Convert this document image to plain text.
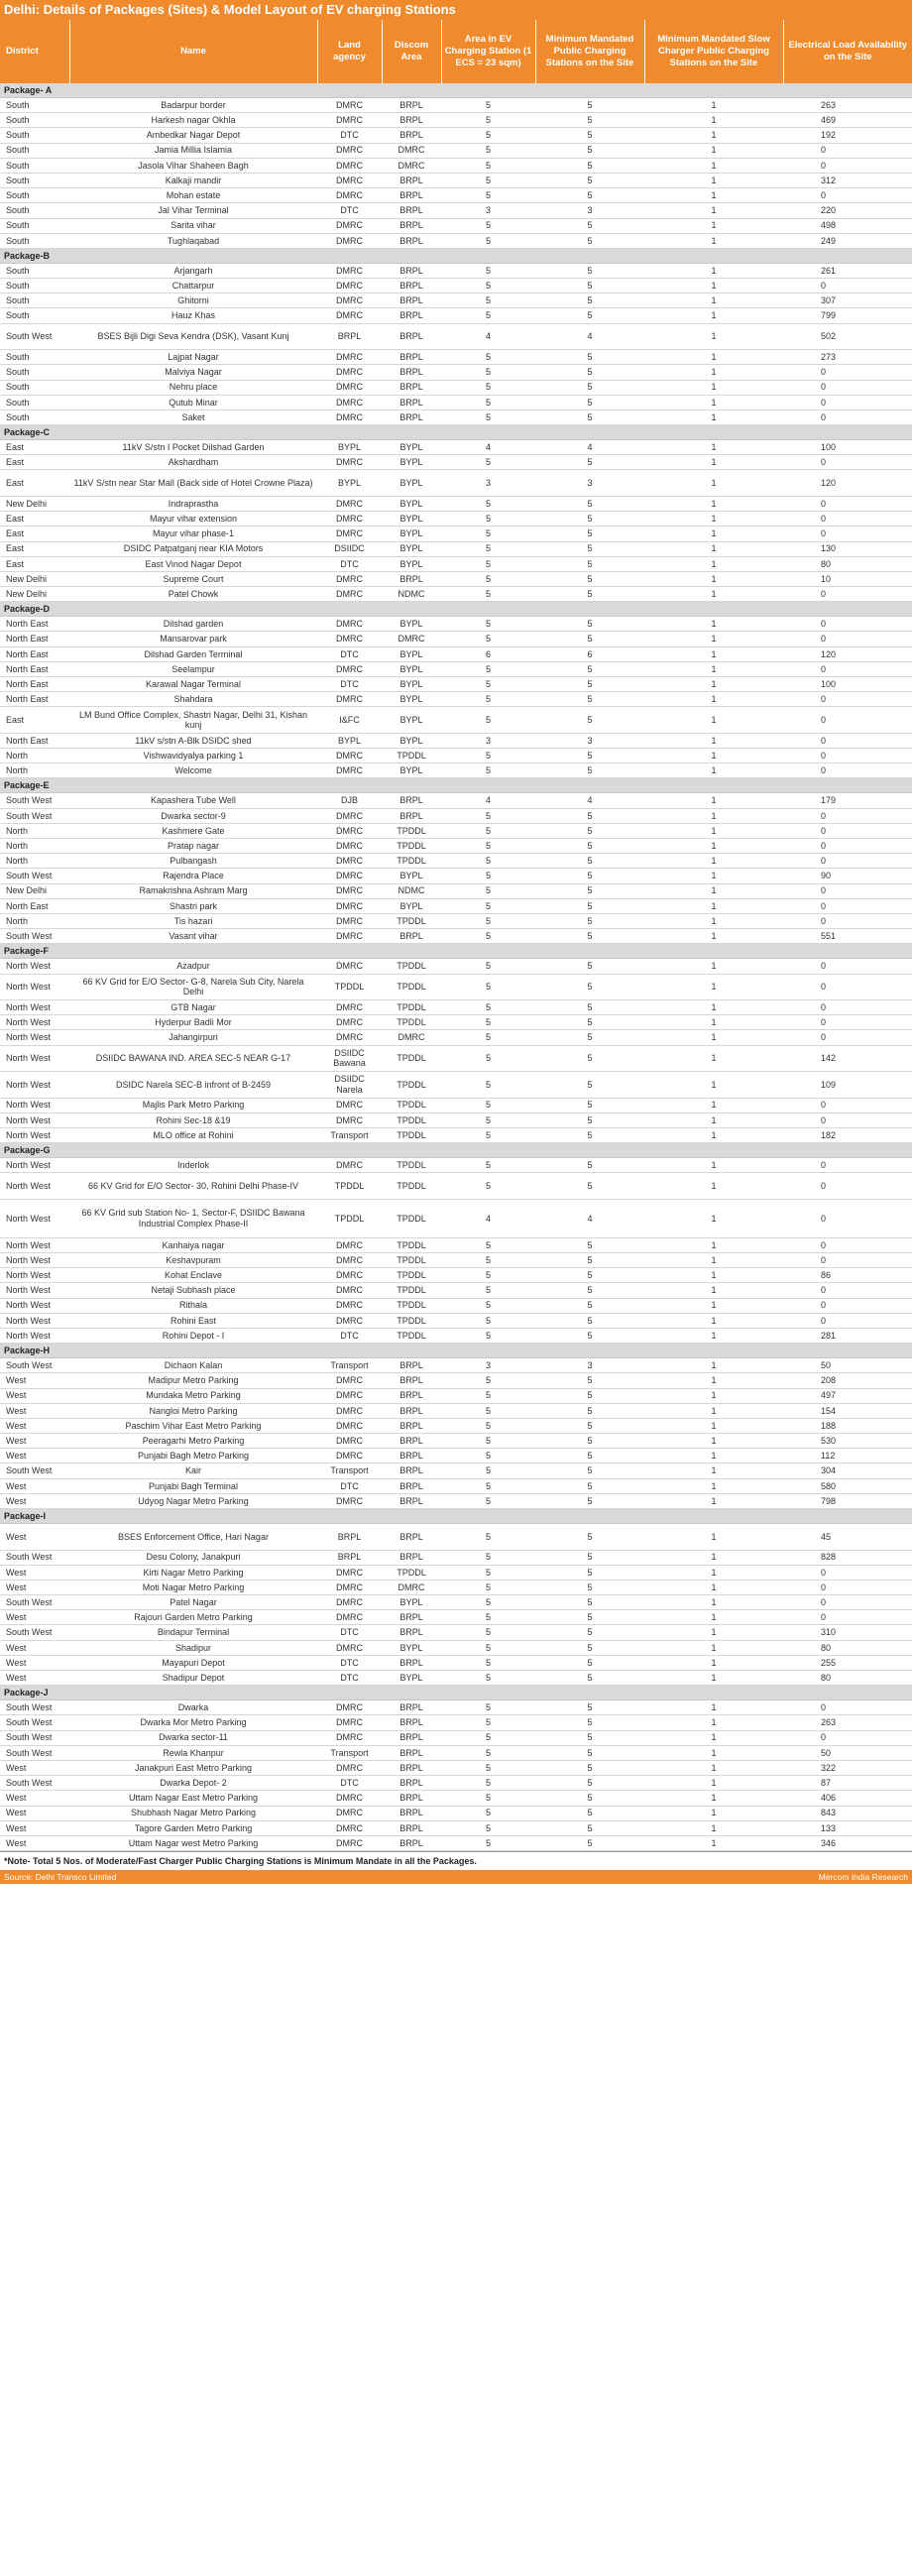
Delhi: Details of Packages (Sites) & Model Layout of EV charging Stations
District	Name	Land agency	Discom Area	Area in EV Charging Station (1 ECS = 23 sqm)	Minimum Mandated Public Charging Stations on the Site	Minimum Mandated Slow Charger Public Charging Stations on the Site	Electrical Load Availability on the Site
Package- A							
South	Badarpur border	DMRC	BRPL	5	5	1	263
South	Harkesh nagar Okhla	DMRC	BRPL	5	5	1	469
South	Ambedkar Nagar Depot	DTC	BRPL	5	5	1	192
South	Jamia Millia Islamia	DMRC	DMRC	5	5	1	0
South	Jasola Vihar Shaheen Bagh	DMRC	DMRC	5	5	1	0
South	Kalkaji mandir	DMRC	BRPL	5	5	1	312
South	Mohan estate	DMRC	BRPL	5	5	1	0
South	Jal Vihar Terminal	DTC	BRPL	3	3	1	220
South	Sarita vihar	DMRC	BRPL	5	5	1	498
South	Tughlaqabad	DMRC	BRPL	5	5	1	249
Package-B							
South	Arjangarh	DMRC	BRPL	5	5	1	261
South	Chattarpur	DMRC	BRPL	5	5	1	0
South	Ghitorni	DMRC	BRPL	5	5	1	307
South	Hauz Khas	DMRC	BRPL	5	5	1	799
South West	BSES Bijli Digi Seva Kendra (DSK), Vasant Kunj	BRPL	BRPL	4	4	1	502
South	Lajpat Nagar	DMRC	BRPL	5	5	1	273
South	Malviya Nagar	DMRC	BRPL	5	5	1	0
South	Nehru place	DMRC	BRPL	5	5	1	0
South	Qutub Minar	DMRC	BRPL	5	5	1	0
South	Saket	DMRC	BRPL	5	5	1	0
Package-C							
East	11kV S/stn I Pocket Dilshad Garden	BYPL	BYPL	4	4	1	100
East	Akshardham	DMRC	BYPL	5	5	1	0
East	11kV S/stn near Star Mall (Back side of Hotel Crowne Plaza)	BYPL	BYPL	3	3	1	120
New Delhi	Indraprastha	DMRC	BYPL	5	5	1	0
East	Mayur vihar extension	DMRC	BYPL	5	5	1	0
East	Mayur vihar phase-1	DMRC	BYPL	5	5	1	0
East	DSIDC Patpatganj near KIA Motors	DSIIDC	BYPL	5	5	1	130
East	East Vinod Nagar Depot	DTC	BYPL	5	5	1	80
New Delhi	Supreme Court	DMRC	BRPL	5	5	1	10
New Delhi	Patel Chowk	DMRC	NDMC	5	5	1	0
Package-D							
North East	Dilshad garden	DMRC	BYPL	5	5	1	0
North East	Mansarovar park	DMRC	DMRC	5	5	1	0
North East	Dilshad Garden Terminal	DTC	BYPL	6	6	1	120
North East	Seelampur	DMRC	BYPL	5	5	1	0
North East	Karawal Nagar Terminal	DTC	BYPL	5	5	1	100
North East	Shahdara	DMRC	BYPL	5	5	1	0
East	LM Bund Office Complex, Shastri Nagar, Delhi 31, Kishan kunj	I&FC	BYPL	5	5	1	0
North East	11kV s/stn A-Blk DSIDC shed	BYPL	BYPL	3	3	1	0
North	Vishwavidyalya parking 1	DMRC	TPDDL	5	5	1	0
North	Welcome	DMRC	BYPL	5	5	1	0
Package-E							
South West	Kapashera Tube Well	DJB	BRPL	4	4	1	179
South West	Dwarka sector-9	DMRC	BRPL	5	5	1	0
North	Kashmere Gate	DMRC	TPDDL	5	5	1	0
North	Pratap nagar	DMRC	TPDDL	5	5	1	0
North	Pulbangash	DMRC	TPDDL	5	5	1	0
South West	Rajendra Place	DMRC	BYPL	5	5	1	90
New Delhi	Ramakrishna Ashram Marg	DMRC	NDMC	5	5	1	0
North East	Shastri park	DMRC	BYPL	5	5	1	0
North	Tis hazari	DMRC	TPDDL	5	5	1	0
South West	Vasant vihar	DMRC	BRPL	5	5	1	551
Package-F							
North West	Azadpur	DMRC	TPDDL	5	5	1	0
North West	66 KV Grid for E/O Sector- G-8, Narela Sub City, Narela Delhi	TPDDL	TPDDL	5	5	1	0
North West	GTB Nagar	DMRC	TPDDL	5	5	1	0
North West	Hyderpur Badli Mor	DMRC	TPDDL	5	5	1	0
North West	Jahangirpuri	DMRC	DMRC	5	5	1	0
North West	DSIIDC BAWANA IND. AREA SEC-5 NEAR G-17	DSIIDC Bawana	TPDDL	5	5	1	142
North West	DSIDC Narela SEC-B infront of B-2459	DSIIDC Narela	TPDDL	5	5	1	109
North West	Majlis Park Metro Parking	DMRC	TPDDL	5	5	1	0
North West	Rohini Sec-18 &19	DMRC	TPDDL	5	5	1	0
North West	MLO office at Rohini	Transport	TPDDL	5	5	1	182
Package-G							
North West	Inderlok	DMRC	TPDDL	5	5	1	0
North West	66 KV Grid for E/O Sector- 30, Rohini Delhi Phase-IV	TPDDL	TPDDL	5	5	1	0
North West	66 KV Grid sub Station No- 1, Sector-F, DSIIDC Bawana Industrial Complex Phase-II	TPDDL	TPDDL	4	4	1	0
North West	Kanhaiya nagar	DMRC	TPDDL	5	5	1	0
North West	Keshavpuram	DMRC	TPDDL	5	5	1	0
North West	Kohat Enclave	DMRC	TPDDL	5	5	1	86
North West	Netaji Subhash place	DMRC	TPDDL	5	5	1	0
North West	Rithala	DMRC	TPDDL	5	5	1	0
North West	Rohini East	DMRC	TPDDL	5	5	1	0
North West	Rohini Depot - I	DTC	TPDDL	5	5	1	281
Package-H							
South West	Dichaon Kalan	Transport	BRPL	3	3	1	50
West	Madipur Metro Parking	DMRC	BRPL	5	5	1	208
West	Mundaka Metro Parking	DMRC	BRPL	5	5	1	497
West	Nangloi Metro Parking	DMRC	BRPL	5	5	1	154
West	Paschim Vihar East Metro Parking	DMRC	BRPL	5	5	1	188
West	Peeragarhi Metro Parking	DMRC	BRPL	5	5	1	530
West	Punjabi Bagh Metro Parking	DMRC	BRPL	5	5	1	112
South West	Kair	Transport	BRPL	5	5	1	304
West	Punjabi Bagh Terminal	DTC	BRPL	5	5	1	580
West	Udyog Nagar Metro Parking	DMRC	BRPL	5	5	1	798
Package-I							
West	BSES Enforcement Office, Hari Nagar	BRPL	BRPL	5	5	1	45
South West	Desu Colony, Janakpuri	BRPL	BRPL	5	5	1	828
West	Kirti Nagar Metro Parking	DMRC	TPDDL	5	5	1	0
West	Moti Nagar Metro Parking	DMRC	DMRC	5	5	1	0
South West	Patel Nagar	DMRC	BYPL	5	5	1	0
West	Rajouri Garden Metro Parking	DMRC	BRPL	5	5	1	0
South West	Bindapur Terminal	DTC	BRPL	5	5	1	310
West	Shadipur	DMRC	BYPL	5	5	1	80
West	Mayapuri Depot	DTC	BRPL	5	5	1	255
West	Shadipur Depot	DTC	BYPL	5	5	1	80
Package-J							
South West	Dwarka	DMRC	BRPL	5	5	1	0
South West	Dwarka Mor Metro Parking	DMRC	BRPL	5	5	1	263
South West	Dwarka sector-11	DMRC	BRPL	5	5	1	0
South West	Rewla Khanpur	Transport	BRPL	5	5	1	50
West	Janakpuri East Metro Parking	DMRC	BRPL	5	5	1	322
South West	Dwarka Depot- 2	DTC	BRPL	5	5	1	87
West	Uttam Nagar East Metro Parking	DMRC	BRPL	5	5	1	406
West	Shubhash Nagar Metro Parking	DMRC	BRPL	5	5	1	843
West	Tagore Garden Metro Parking	DMRC	BRPL	5	5	1	133
West	Uttam Nagar west Metro Parking	DMRC	BRPL	5	5	1	346
*Note- Total 5 Nos. of Moderate/Fast Charger Public Charging Stations is Minimum Mandate in all the Packages.
Source: Delhi Transco Limited	Mercom India Research
